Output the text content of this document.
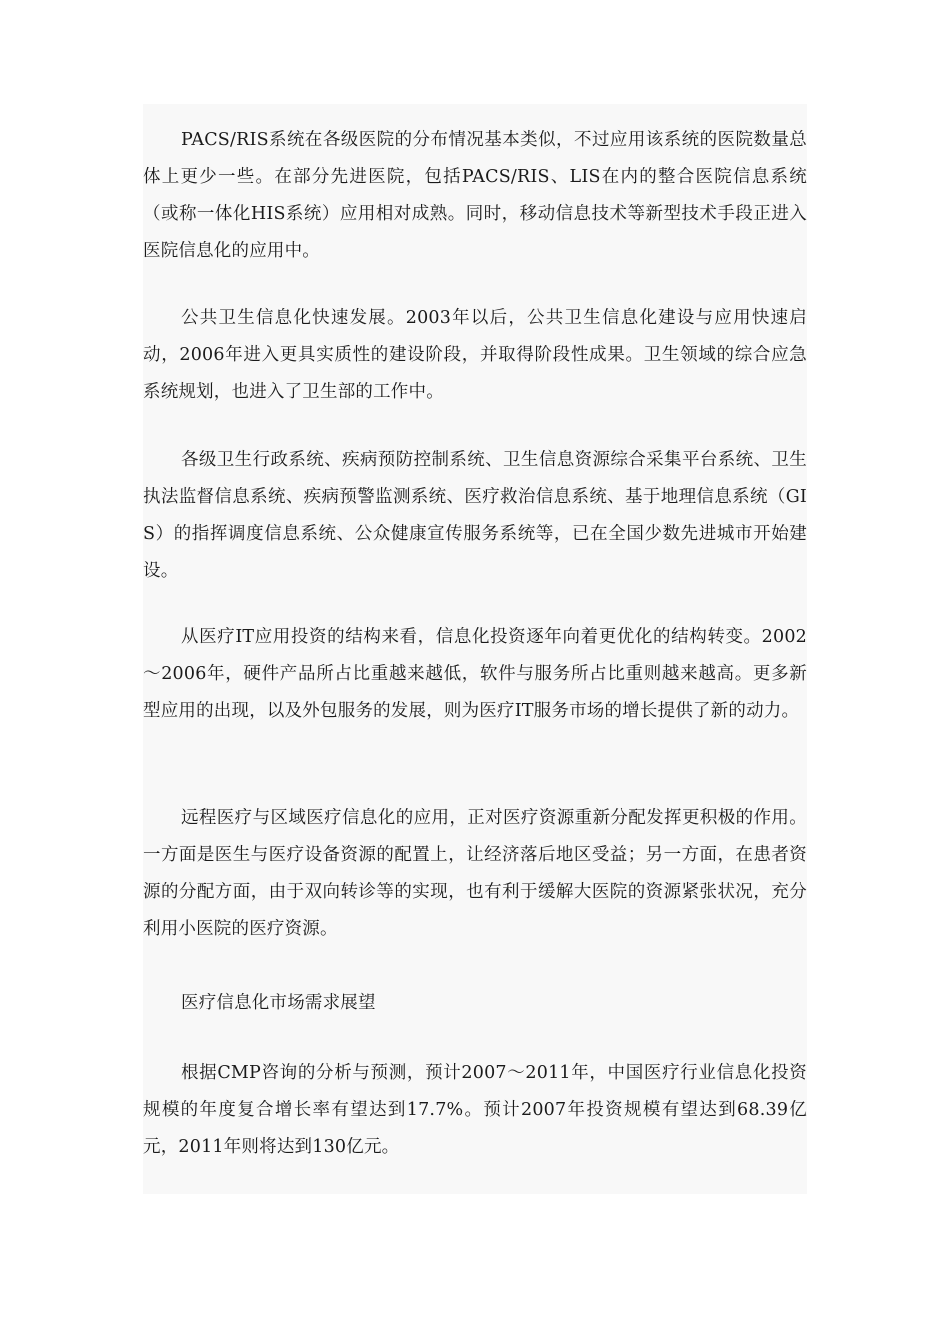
PACS/RIS系统在各级医院的分布情况基本类似，不过应用该系统的医院数量总体上更少一些。在部分先进医院，包括PACS/RIS、LIS在内的整合医院信息系统（或称一体化HIS系统）应用相对成熟。同时，移动信息技术等新型技术手段正进入医院信息化的应用中。

公共卫生信息化快速发展。2003年以后，公共卫生信息化建设与应用快速启动，2006年进入更具实质性的建设阶段，并取得阶段性成果。卫生领域的综合应急系统规划，也进入了卫生部的工作中。

各级卫生行政系统、疾病预防控制系统、卫生信息资源综合采集平台系统、卫生执法监督信息系统、疾病预警监测系统、医疗救治信息系统、基于地理信息系统（GIS）的指挥调度信息系统、公众健康宣传服务系统等，已在全国少数先进城市开始建设。

从医疗IT应用投资的结构来看，信息化投资逐年向着更优化的结构转变。2002～2006年，硬件产品所占比重越来越低，软件与服务所占比重则越来越高。更多新型应用的出现，以及外包服务的发展，则为医疗IT服务市场的增长提供了新的动力。

远程医疗与区域医疗信息化的应用，正对医疗资源重新分配发挥更积极的作用。一方面是医生与医疗设备资源的配置上，让经济落后地区受益；另一方面，在患者资源的分配方面，由于双向转诊等的实现，也有利于缓解大医院的资源紧张状况，充分利用小医院的医疗资源。

医疗信息化市场需求展望

根据CMP咨询的分析与预测，预计2007～2011年，中国医疗行业信息化投资规模的年度复合增长率有望达到17.7%。预计2007年投资规模有望达到68.39亿元，2011年则将达到130亿元。
